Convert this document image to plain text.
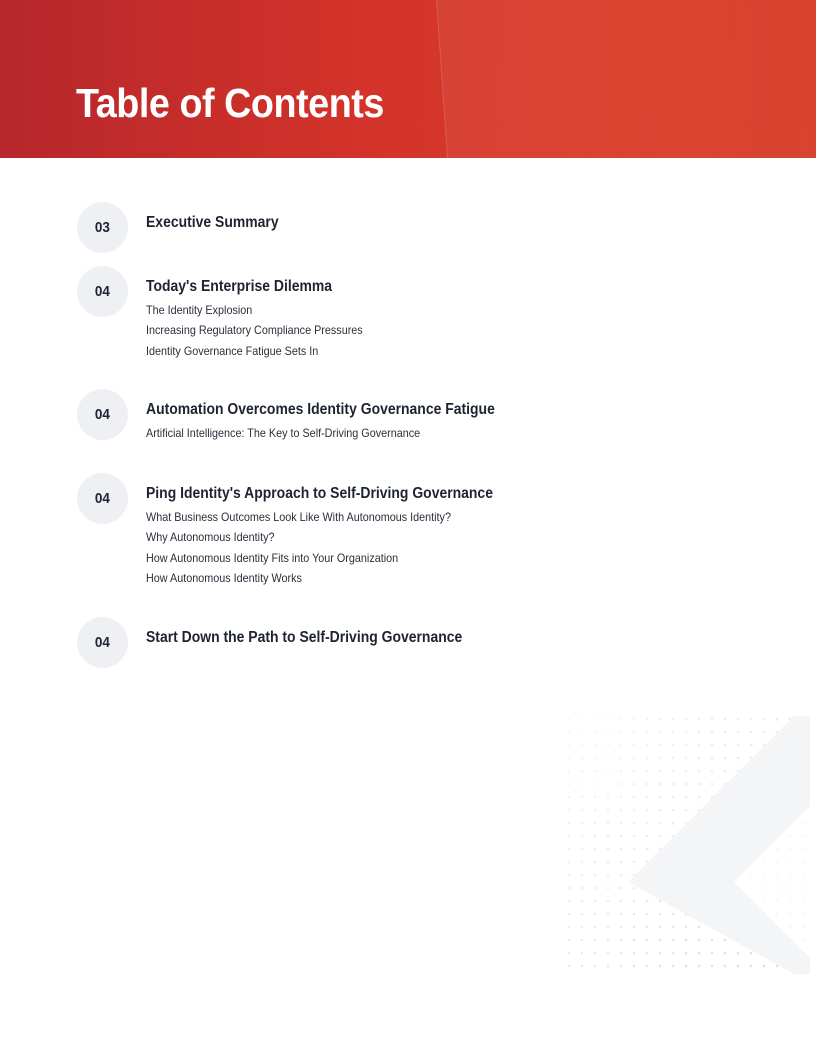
Table of Contents
03 Executive Summary
04 Today's Enterprise Dilemma
The Identity Explosion
Increasing Regulatory Compliance Pressures
Identity Governance Fatigue Sets In
04 Automation Overcomes Identity Governance Fatigue
Artificial Intelligence: The Key to Self-Driving Governance
04 Ping Identity's Approach to Self-Driving Governance
What Business Outcomes Look Like With Autonomous Identity?
Why Autonomous Identity?
How Autonomous Identity Fits into Your Organization
How Autonomous Identity Works
04 Start Down the Path to Self-Driving Governance
